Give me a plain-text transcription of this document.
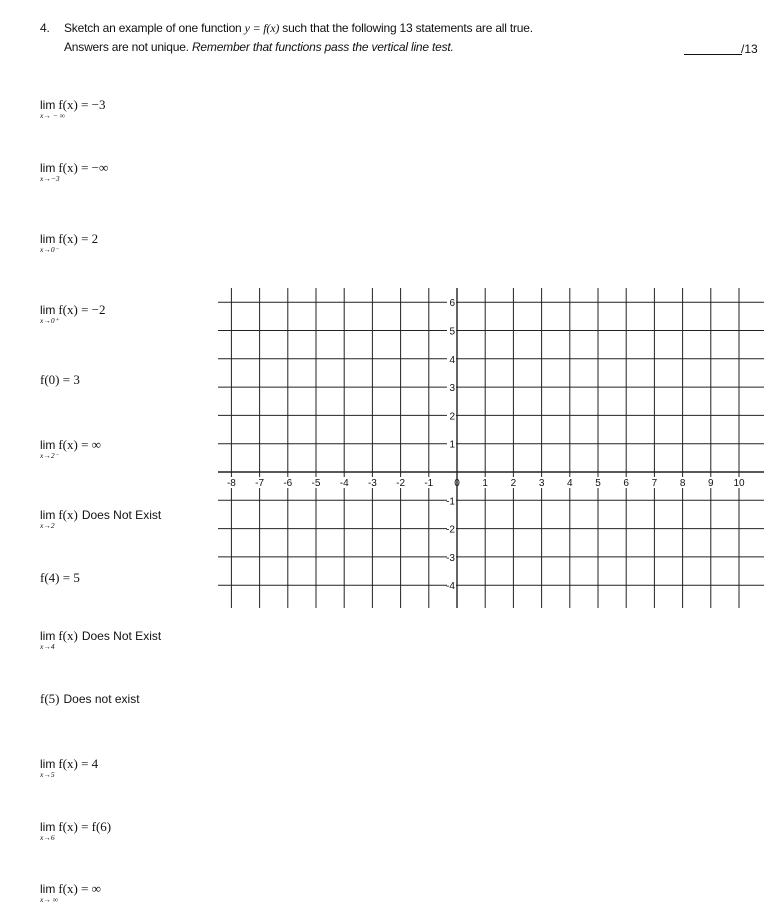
4. Sketch an example of one function y = f(x) such that the following 13 statements are all true.
Answers are not unique. Remember that functions pass the vertical line test.	/13
lim
x→ − ∞
f(x) = −3
lim
x→−3
f(x) = −∞
lim
x→0⁻
f(x) = 2
lim
x→0⁺
f(x) = −2
f(0) = 3
lim
x→2⁻
f(x) = ∞
lim
x→2
f(x) Does Not Exist
f(4) = 5
lim
x→4
f(x) Does Not Exist
f(5) Does not exist
lim
x→5
f(x) = 4
lim
x→6
f(x) = f(6)
lim
x→ ∞
f(x) = ∞
-8 -7 -6 -5 -4 -3 -2 -1 0 1 2 3 4 5 6 7 8 9 10
6
5
4
3
2
1
-1
-2
-3
-4
